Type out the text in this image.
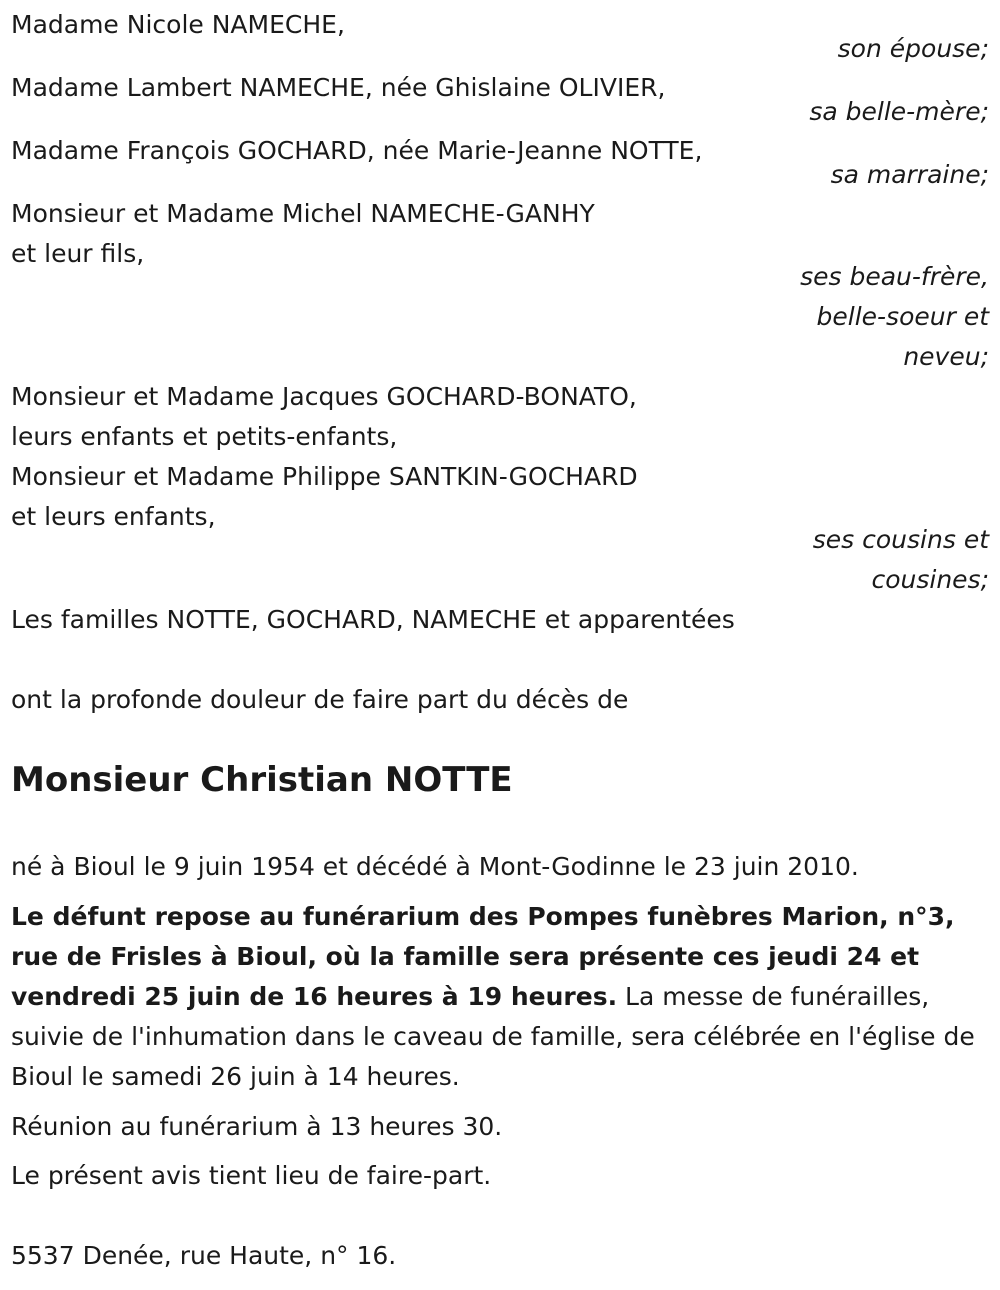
Madame Nicole NAMECHE,

son épouse;

Madame Lambert NAMECHE, née Ghislaine OLIVIER,

sa belle-mère;

Madame François GOCHARD, née Marie-Jeanne NOTTE,

sa marraine;

Monsieur et Madame Michel NAMECHE-GANHY

et leur fils,

ses beau-frère,

belle-soeur et

neveu;

Monsieur et Madame Jacques GOCHARD-BONATO,

leurs enfants et petits-enfants,

Monsieur et Madame Philippe SANTKIN-GOCHARD

et leurs enfants,

ses cousins et

cousines;

Les familles NOTTE, GOCHARD, NAMECHE et apparentées

ont la profonde douleur de faire part du décès de

Monsieur Christian NOTTE

né à Bioul le 9 juin 1954 et décédé à Mont-Godinne le 23 juin 2010.

Le défunt repose au funérarium des Pompes funèbres Marion, n°3, rue de Frisles à Bioul, où la famille sera présente ces jeudi 24 et vendredi 25 juin de 16 heures à 19 heures. La messe de funérailles, suivie de l'inhumation dans le caveau de famille, sera célébrée en l'église de Bioul le samedi 26 juin à 14 heures.

Réunion au funérarium à 13 heures 30.

Le présent avis tient lieu de faire-part.

5537 Denée, rue Haute, n° 16.
